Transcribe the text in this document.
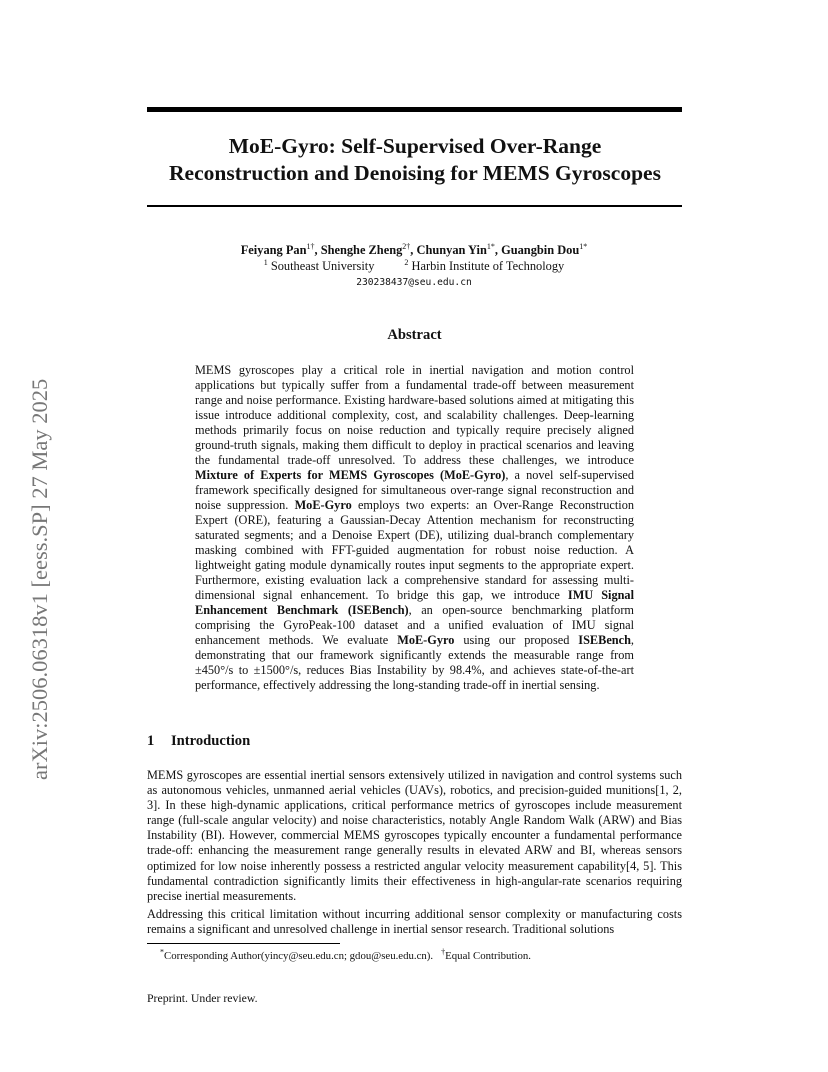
arXiv:2506.06318v1 [eess.SP] 27 May 2025
MoE-Gyro: Self-Supervised Over-Range
Reconstruction and Denoising for MEMS Gyroscopes
Feiyang Pan$^{1\dagger}$, Shenghe Zheng$^{2\dagger}$, Chunyan Yin$^{1*}$, Guangbin Dou$^{1*}$
$^1$ Southeast University	$^2$ Harbin Institute of Technology
230238437@seu.edu.cn
Abstract
MEMS gyroscopes play a critical role in inertial navigation and motion control applications but typically suffer from a fundamental trade-off between measurement range and noise performance. Existing hardware-based solutions aimed at mitigating this issue introduce additional complexity, cost, and scalability challenges. Deep-learning methods primarily focus on noise reduction and typically require precisely aligned ground-truth signals, making them difficult to deploy in practical scenarios and leaving the fundamental trade-off unresolved. To address these challenges, we introduce Mixture of Experts for MEMS Gyroscopes (MoE-Gyro), a novel self-supervised framework specifically designed for simultaneous over-range signal reconstruction and noise suppression. MoE-Gyro employs two experts: an Over-Range Reconstruction Expert (ORE), featuring a Gaussian-Decay Attention mechanism for reconstructing saturated segments; and a Denoise Expert (DE), utilizing dual-branch complementary masking combined with FFT-guided augmentation for robust noise reduction. A lightweight gating module dynamically routes input segments to the appropriate expert. Furthermore, existing evaluation lack a comprehensive standard for assessing multi-dimensional signal enhancement. To bridge this gap, we introduce IMU Signal Enhancement Benchmark (ISEBench), an open-source benchmarking platform comprising the GyroPeak-100 dataset and a unified evaluation of IMU signal enhancement methods. We evaluate MoE-Gyro using our proposed ISEBench, demonstrating that our framework significantly extends the measurable range from ±450°/s to ±1500°/s, reduces Bias Instability by 98.4%, and achieves state-of-the-art performance, effectively addressing the long-standing trade-off in inertial sensing.
1 Introduction
MEMS gyroscopes are essential inertial sensors extensively utilized in navigation and control systems such as autonomous vehicles, unmanned aerial vehicles (UAVs), robotics, and precision-guided munitions[1, 2, 3]. In these high-dynamic applications, critical performance metrics of gyroscopes include measurement range (full-scale angular velocity) and noise characteristics, notably Angle Random Walk (ARW) and Bias Instability (BI). However, commercial MEMS gyroscopes typically encounter a fundamental performance trade-off: enhancing the measurement range generally results in elevated ARW and BI, whereas sensors optimized for low noise inherently possess a restricted angular velocity measurement capability[4, 5]. This fundamental contradiction significantly limits their effectiveness in high-angular-rate scenarios requiring precise inertial measurements.
Addressing this critical limitation without incurring additional sensor complexity or manufacturing costs remains a significant and unresolved challenge in inertial sensor research. Traditional solutions
*Corresponding Author(yincy@seu.edu.cn; gdou@seu.edu.cn). †Equal Contribution.
Preprint. Under review.
